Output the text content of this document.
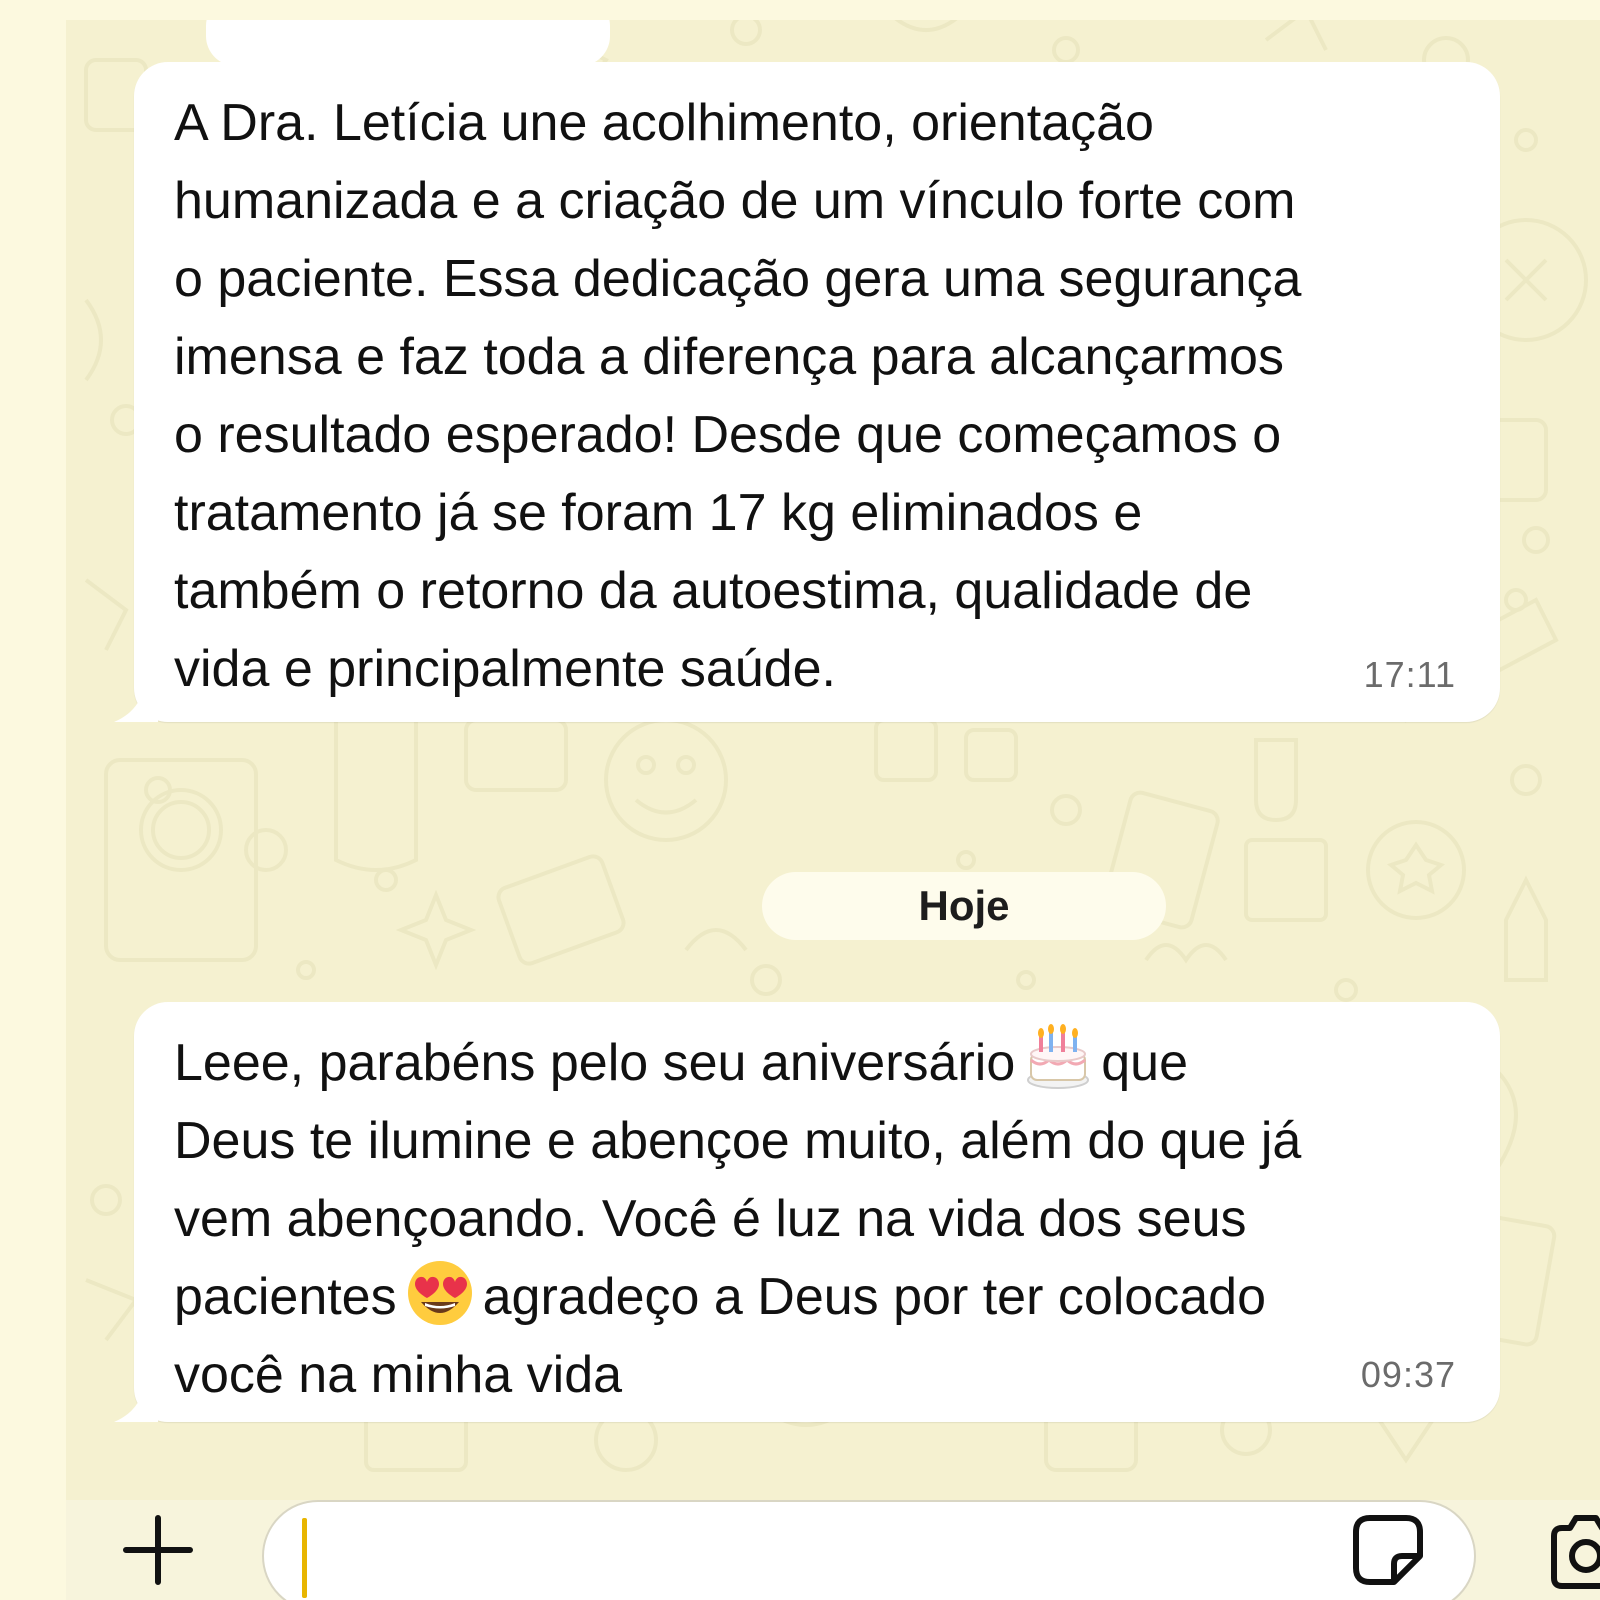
A Dra. Letícia une acolhimento, orientação
humanizada e a criação de um vínculo forte com
o paciente. Essa dedicação gera uma segurança
imensa e faz toda a diferença para alcançarmos
o resultado esperado! Desde que começamos o
tratamento já se foram 17 kg eliminados e
também o retorno da autoestima, qualidade de
vida e principalmente saúde.	17:11
Hoje

Leee, parabéns pelo seu aniversário que
Deus te ilumine e abençoe muito, além do que já
vem abençoando. Você é luz na vida dos seus
pacientes agradeço a Deus por ter colocado
você na minha vida	09:37
